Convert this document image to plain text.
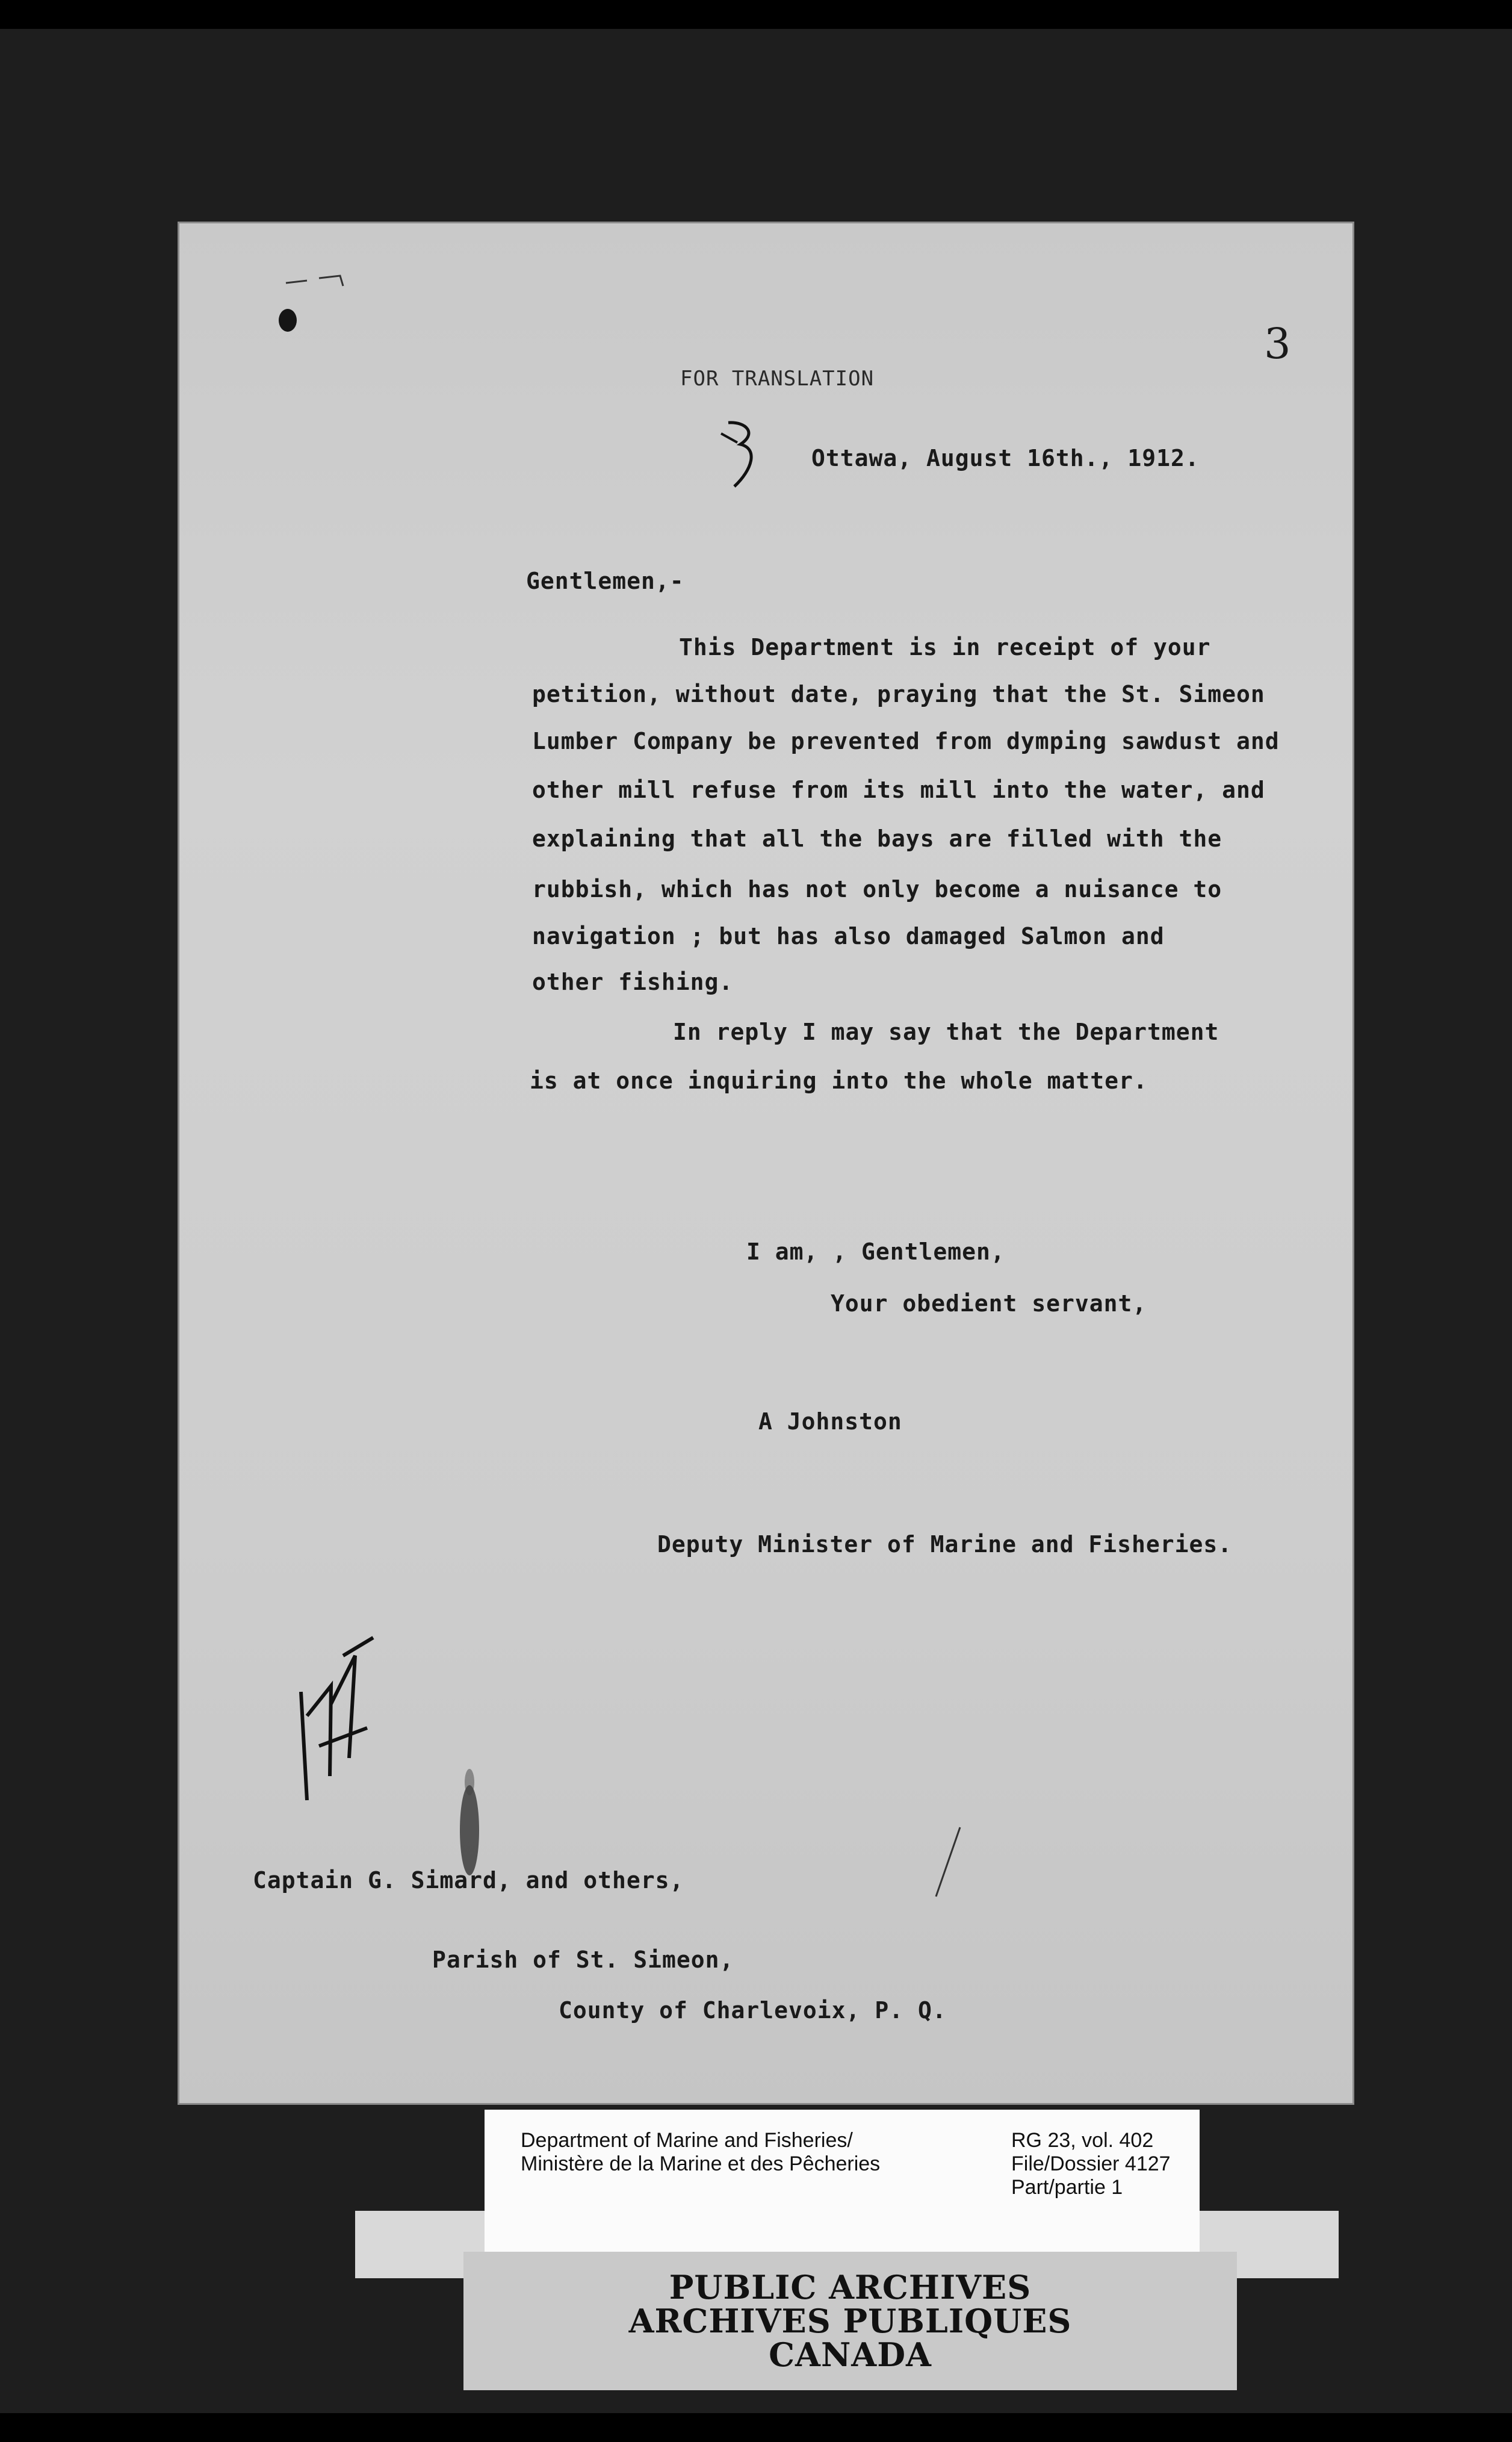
FOR TRANSLATION
3
Ottawa, August 16th., 1912.
Gentlemen,-
This Department is in receipt of your
petition, without date, praying that the St. Simeon
Lumber Company be prevented from dymping sawdust and
other mill refuse from its mill into the water, and
explaining that all the bays are filled with the
rubbish, which has not only become a nuisance to
navigation ; but has also damaged Salmon and
other fishing.
In reply I may say that the Department
is at once inquiring into the whole matter.
I am, , Gentlemen,
Your obedient servant,
A Johnston
Deputy Minister of Marine and Fisheries.
Captain G. Simard, and others,
Parish of St. Simeon,
County of Charlevoix, P. Q.
Department of Marine and Fisheries/
Ministère de la Marine et des Pêcheries
RG 23, vol. 402
File/Dossier 4127
Part/partie 1
PUBLIC ARCHIVES
ARCHIVES PUBLIQUES
CANADA
